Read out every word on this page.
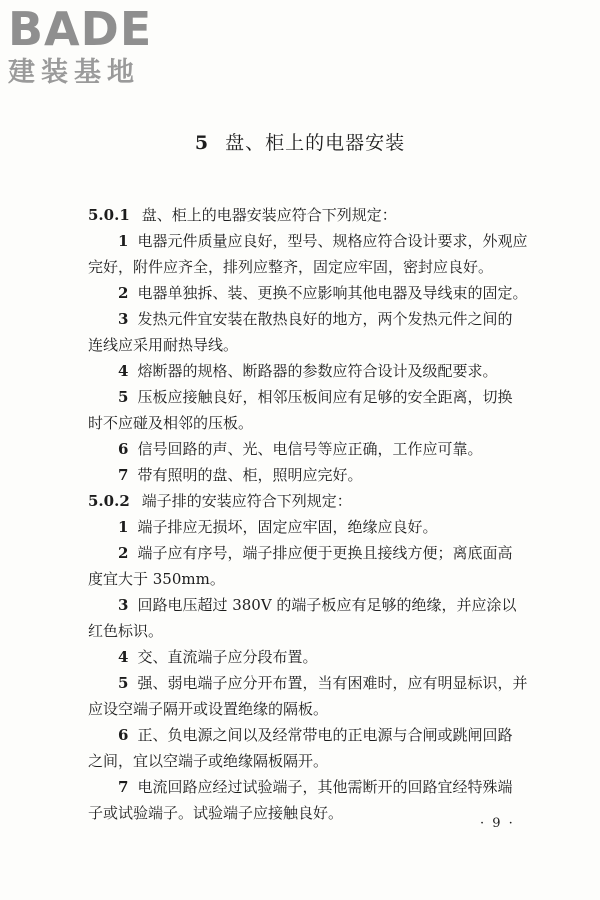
BADE
建装基地
5 盘、柜上的电器安装
5.0.1 盘、柜上的电器安装应符合下列规定：
1 电器元件质量应良好，型号、规格应符合设计要求，外观应
完好，附件应齐全，排列应整齐，固定应牢固，密封应良好。
2 电器单独拆、装、更换不应影响其他电器及导线束的固定。
3 发热元件宜安装在散热良好的地方，两个发热元件之间的
连线应采用耐热导线。
4 熔断器的规格、断路器的参数应符合设计及级配要求。
5 压板应接触良好，相邻压板间应有足够的安全距离，切换
时不应碰及相邻的压板。
6 信号回路的声、光、电信号等应正确，工作应可靠。
7 带有照明的盘、柜，照明应完好。
5.0.2 端子排的安装应符合下列规定：
1 端子排应无损坏，固定应牢固，绝缘应良好。
2 端子应有序号，端子排应便于更换且接线方便；离底面高
度宜大于 350mm。
3 回路电压超过 380V 的端子板应有足够的绝缘，并应涂以
红色标识。
4 交、直流端子应分段布置。
5 强、弱电端子应分开布置，当有困难时，应有明显标识，并
应设空端子隔开或设置绝缘的隔板。
6 正、负电源之间以及经常带电的正电源与合闸或跳闸回路
之间，宜以空端子或绝缘隔板隔开。
7 电流回路应经过试验端子，其他需断开的回路宜经特殊端
子或试验端子。试验端子应接触良好。
· 9 ·
